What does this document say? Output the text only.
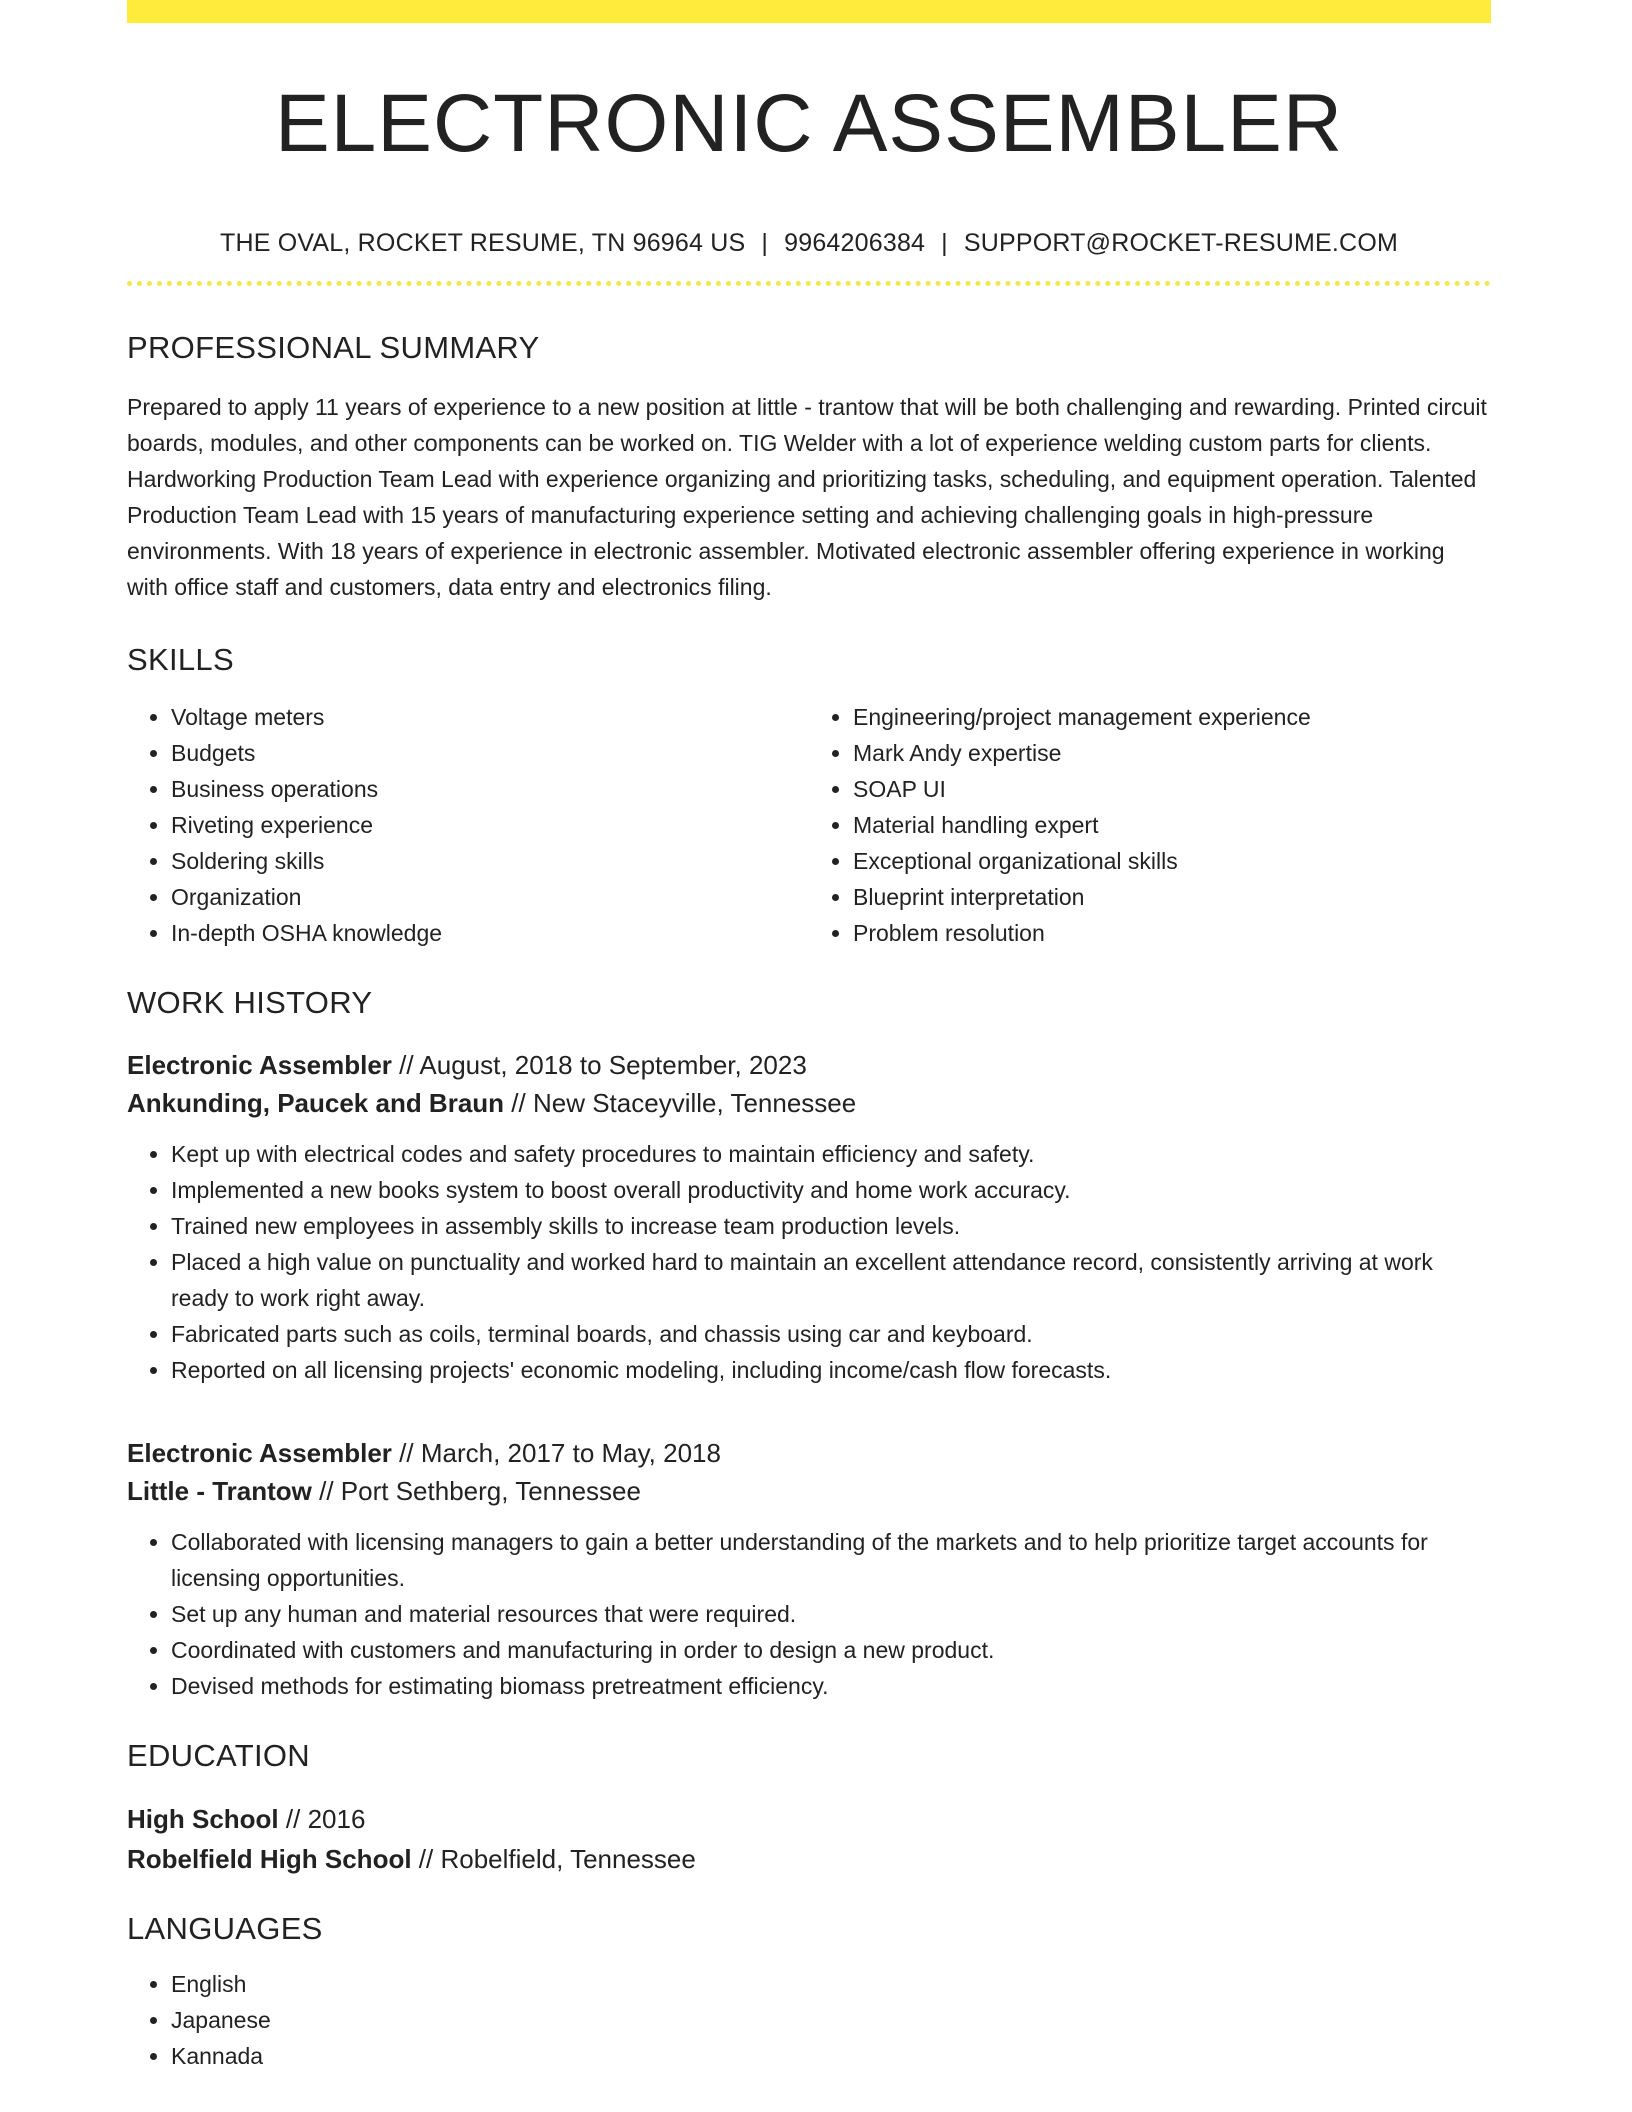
ELECTRONIC ASSEMBLER
THE OVAL, ROCKET RESUME, TN 96964 US | 9964206384 | SUPPORT@ROCKET-RESUME.COM
PROFESSIONAL SUMMARY

Prepared to apply 11 years of experience to a new position at little - trantow that will be both challenging and rewarding. Printed circuit boards, modules, and other components can be worked on. TIG Welder with a lot of experience welding custom parts for clients. Hardworking Production Team Lead with experience organizing and prioritizing tasks, scheduling, and equipment operation. Talented Production Team Lead with 15 years of manufacturing experience setting and achieving challenging goals in high-pressure environments. With 18 years of experience in electronic assembler. Motivated electronic assembler offering experience in working with office staff and customers, data entry and electronics filing.

SKILLS
• Voltage meters
• Budgets
• Business operations
• Riveting experience
• Soldering skills
• Organization
• In-depth OSHA knowledge
• Engineering/project management experience
• Mark Andy expertise
• SOAP UI
• Material handling expert
• Exceptional organizational skills
• Blueprint interpretation
• Problem resolution
WORK HISTORY
Electronic Assembler // August, 2018 to September, 2023
Ankunding, Paucek and Braun // New Staceyville, Tennessee
• Kept up with electrical codes and safety procedures to maintain efficiency and safety.
• Implemented a new books system to boost overall productivity and home work accuracy.
• Trained new employees in assembly skills to increase team production levels.
• Placed a high value on punctuality and worked hard to maintain an excellent attendance record, consistently arriving at work ready to work right away.
• Fabricated parts such as coils, terminal boards, and chassis using car and keyboard.
• Reported on all licensing projects' economic modeling, including income/cash flow forecasts.
Electronic Assembler // March, 2017 to May, 2018
Little - Trantow // Port Sethberg, Tennessee
• Collaborated with licensing managers to gain a better understanding of the markets and to help prioritize target accounts for licensing opportunities.
• Set up any human and material resources that were required.
• Coordinated with customers and manufacturing in order to design a new product.
• Devised methods for estimating biomass pretreatment efficiency.
EDUCATION
High School // 2016
Robelfield High School // Robelfield, Tennessee
LANGUAGES
• English
• Japanese
• Kannada
